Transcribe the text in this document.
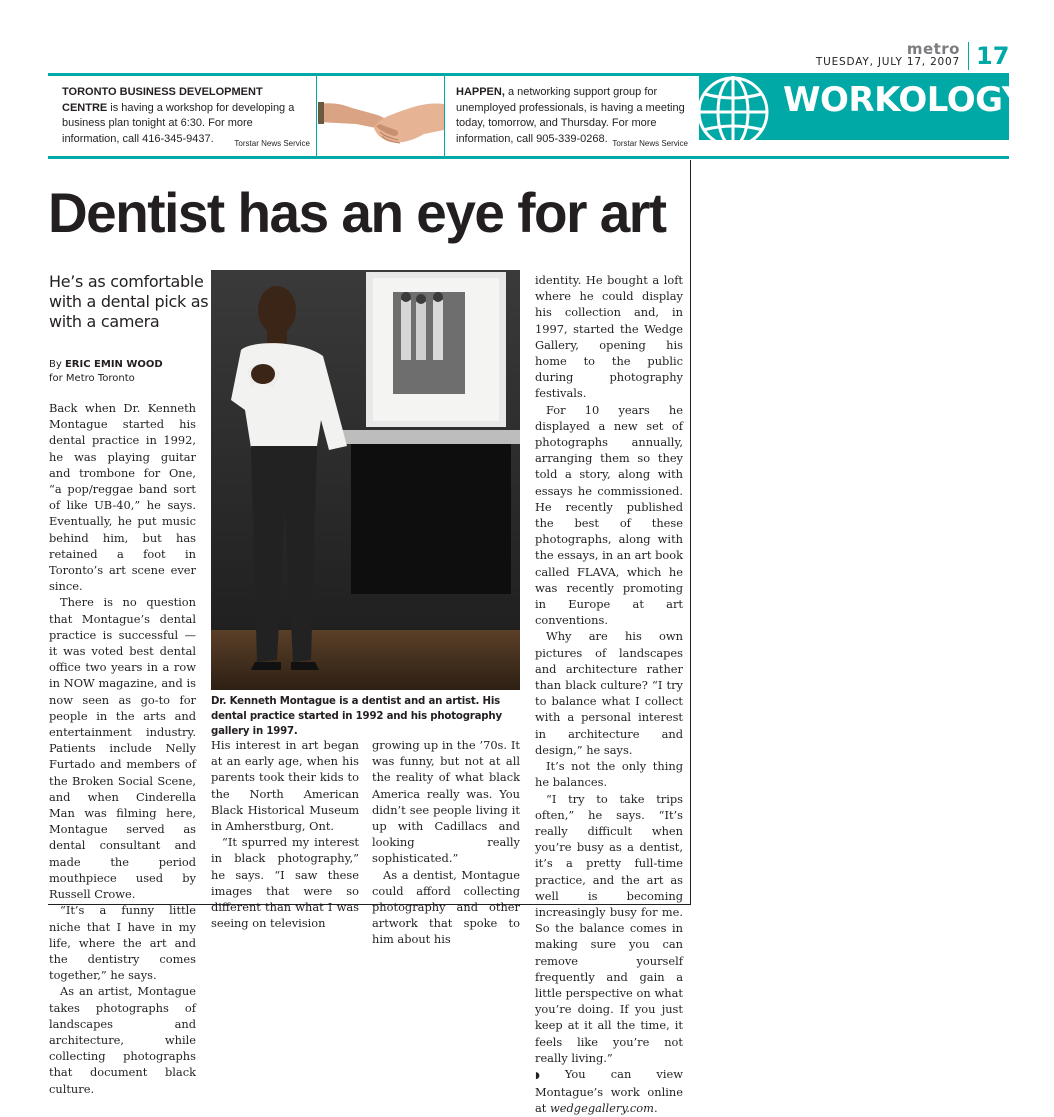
metro
TUESDAY, JULY 17, 2007 17
TORONTO BUSINESS DEVELOPMENT CENTRE is having a workshop for developing a business plan tonight at 6:30. For more information, call 416-345-9437.	Torstar News Service
HAPPEN, a networking support group for unemployed professionals, is having a meeting today, tomorrow, and Thursday. For more information, call 905-339-0268. Torstar News Service
WORKOLOGY
Dentist has an eye for art
He’s as comfortable with a dental pick as with a camera
By ERIC EMIN WOOD
for Metro Toronto

Back when Dr. Kenneth Montague started his dental practice in 1992, he was playing guitar and trombone for One, “a pop/reggae band sort of like UB-40,” he says. Eventually, he put music behind him, but has retained a foot in Toronto’s art scene ever since.

There is no question that Montague’s dental practice is successful — it was voted best dental office two years in a row in NOW magazine, and is now seen as go-to for people in the arts and entertainment industry. Patients include Nelly Furtado and members of the Broken Social Scene, and when Cinderella Man was filming here, Montague served as dental consultant and made the period mouthpiece used by Russell Crowe.

“It’s a funny little niche that I have in my life, where the art and the dentistry comes together,” he says.

As an artist, Montague takes photographs of landscapes and architecture, while collecting photographs that document black culture.

Dr. Kenneth Montague is a dentist and an artist. His dental practice started in 1992 and his photography gallery in 1997.

His interest in art began at an early age, when his parents took their kids to the North American Black Historical Museum in Amherstburg, Ont.

“It spurred my interest in black photography,” he says. “I saw these images that were so different than what I was seeing on television

growing up in the ’70s. It was funny, but not at all the reality of what black America really was. You didn’t see people living it up with Cadillacs and looking really sophisticated.”

As a dentist, Montague could afford collecting photography and other artwork that spoke to him about his

identity. He bought a loft where he could display his collection and, in 1997, started the Wedge Gallery, opening his home to the public during photography festivals.

For 10 years he displayed a new set of photographs annually, arranging them so they told a story, along with essays he commissioned. He recently published the best of these photographs, along with the essays, in an art book called FLAVA, which he was recently promoting in Europe at art conventions.

Why are his own pictures of landscapes and architecture rather than black culture? “I try to balance what I collect with a personal interest in architecture and design,” he says.

It’s not the only thing he balances.

“I try to take trips often,” he says. “It’s really difficult when you’re busy as a dentist, it’s a pretty full-time practice, and the art as well is becoming increasingly busy for me. So the balance comes in making sure you can remove yourself frequently and gain a little perspective on what you’re doing. If you just keep at it all the time, it feels like you’re not really living.”

◗ You can view Montague’s work online at wedgegallery.com.
